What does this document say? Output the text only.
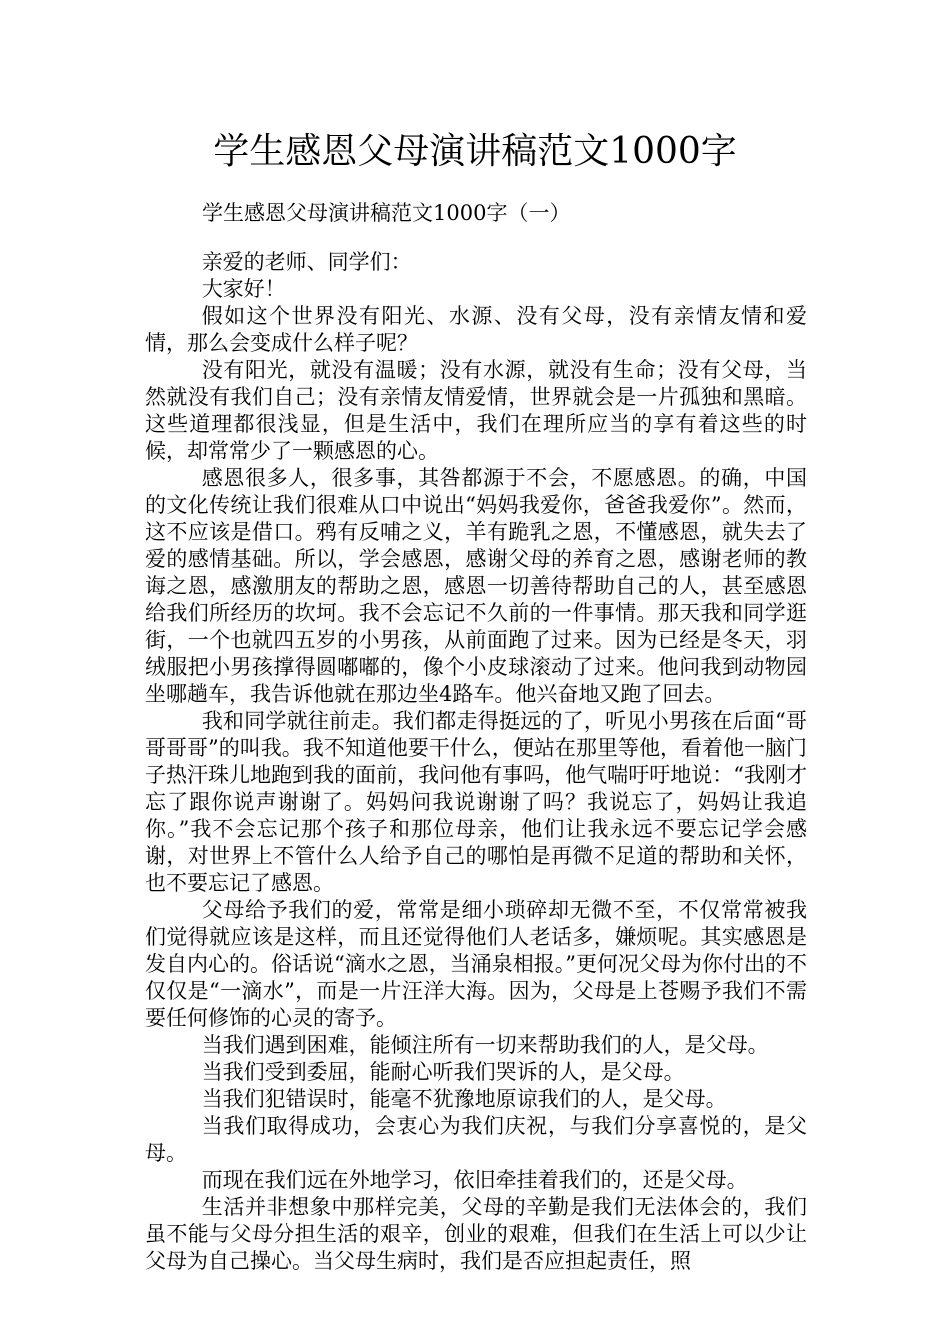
学生感恩父母演讲稿范文1000字
学生感恩父母演讲稿范文1000字（一）

亲爱的老师、同学们：

大家好！

假如这个世界没有阳光、水源、没有父母，没有亲情友情和爱情，那么会变成什么样子呢？

没有阳光，就没有温暖；没有水源，就没有生命；没有父母，当然就没有我们自己；没有亲情友情爱情，世界就会是一片孤独和黑暗。这些道理都很浅显，但是生活中，我们在理所应当的享有着这些的时候，却常常少了一颗感恩的心。

感恩很多人，很多事，其咎都源于不会，不愿感恩。的确，中国的文化传统让我们很难从口中说出“妈妈我爱你，爸爸我爱你”。然而，这不应该是借口。鸦有反哺之义，羊有跪乳之恩，不懂感恩，就失去了爱的感情基础。所以，学会感恩，感谢父母的养育之恩，感谢老师的教诲之恩，感激朋友的帮助之恩，感恩一切善待帮助自己的人，甚至感恩给我们所经历的坎坷。我不会忘记不久前的一件事情。那天我和同学逛街，一个也就四五岁的小男孩，从前面跑了过来。因为已经是冬天，羽绒服把小男孩撑得圆嘟嘟的，像个小皮球滚动了过来。他问我到动物园坐哪趟车，我告诉他就在那边坐4路车。他兴奋地又跑了回去。

我和同学就往前走。我们都走得挺远的了，听见小男孩在后面“哥哥哥哥”的叫我。我不知道他要干什么，便站在那里等他，看着他一脑门子热汗珠儿地跑到我的面前，我问他有事吗，他气喘吁吁地说：“我刚才忘了跟你说声谢谢了。妈妈问我说谢谢了吗？我说忘了，妈妈让我追你。”我不会忘记那个孩子和那位母亲，他们让我永远不要忘记学会感谢，对世界上不管什么人给予自己的哪怕是再微不足道的帮助和关怀，也不要忘记了感恩。

父母给予我们的爱，常常是细小琐碎却无微不至，不仅常常被我们觉得就应该是这样，而且还觉得他们人老话多，嫌烦呢。其实感恩是发自内心的。俗话说“滴水之恩，当涌泉相报。”更何况父母为你付出的不仅仅是“一滴水”，而是一片汪洋大海。因为，父母是上苍赐予我们不需要任何修饰的心灵的寄予。

当我们遇到困难，能倾注所有一切来帮助我们的人，是父母。

当我们受到委屈，能耐心听我们哭诉的人，是父母。

当我们犯错误时，能毫不犹豫地原谅我们的人，是父母。

当我们取得成功，会衷心为我们庆祝，与我们分享喜悦的，是父母。

而现在我们远在外地学习，依旧牵挂着我们的，还是父母。

生活并非想象中那样完美，父母的辛勤是我们无法体会的，我们虽不能与父母分担生活的艰辛，创业的艰难，但我们在生活上可以少让父母为自己操心。当父母生病时，我们是否应担起责任，照
